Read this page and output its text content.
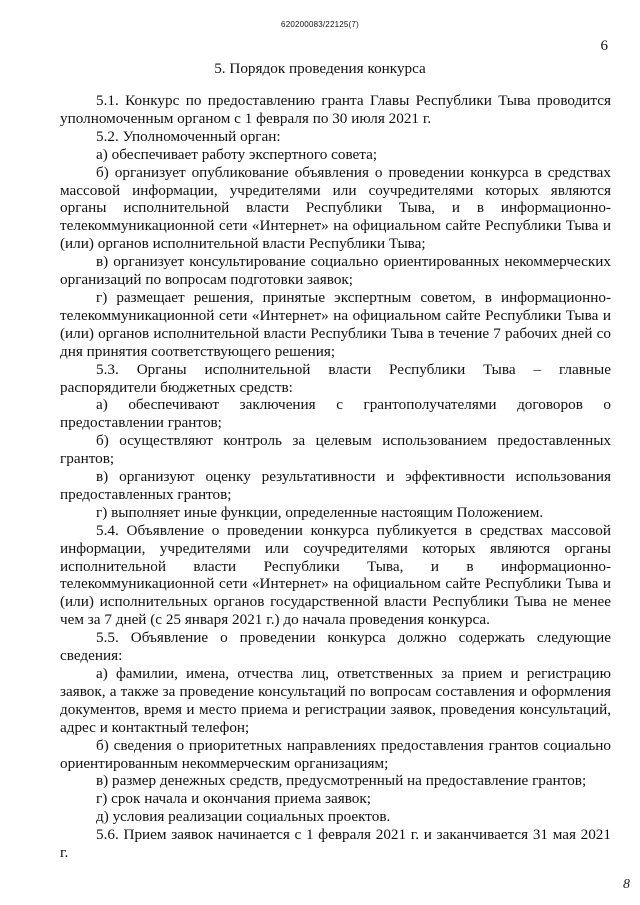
620200083/22125(7)
6
5. Порядок проведения конкурса

5.1. Конкурс по предоставлению гранта Главы Республики Тыва проводится уполномоченным органом с 1 февраля по 30 июля 2021 г.

5.2. Уполномоченный орган:

а) обеспечивает работу экспертного совета;

б) организует опубликование объявления о проведении конкурса в средствах массовой информации, учредителями или соучредителями которых являются органы исполнительной власти Республики Тыва, и в информационно-телекоммуникационной сети «Интернет» на официальном сайте Республики Тыва и (или) органов исполнительной власти Республики Тыва;

в) организует консультирование социально ориентированных некоммерческих организаций по вопросам подготовки заявок;

г) размещает решения, принятые экспертным советом, в информационно-телекоммуникационной сети «Интернет» на официальном сайте Республики Тыва и (или) органов исполнительной власти Республики Тыва в течение 7 рабочих дней со дня принятия соответствующего решения;

5.3. Органы исполнительной власти Республики Тыва – главные распорядители бюджетных средств:

а) обеспечивают заключения с грантополучателями договоров о предоставлении грантов;

б) осуществляют контроль за целевым использованием предоставленных грантов;

в) организуют оценку результативности и эффективности использования предоставленных грантов;

г) выполняет иные функции, определенные настоящим Положением.

5.4. Объявление о проведении конкурса публикуется в средствах массовой информации, учредителями или соучредителями которых являются органы исполнительной власти Республики Тыва, и в информационно-телекоммуникационной сети «Интернет» на официальном сайте Республики Тыва и (или) исполнительных органов государственной власти Республики Тыва не менее чем за 7 дней (с 25 января 2021 г.) до начала проведения конкурса.

5.5. Объявление о проведении конкурса должно содержать следующие сведения:

а) фамилии, имена, отчества лиц, ответственных за прием и регистрацию заявок, а также за проведение консультаций по вопросам составления и оформления документов, время и место приема и регистрации заявок, проведения консультаций, адрес и контактный телефон;

б) сведения о приоритетных направлениях предоставления грантов социально ориентированным некоммерческим организациям;

в) размер денежных средств, предусмотренный на предоставление грантов;

г) срок начала и окончания приема заявок;

д) условия реализации социальных проектов.

5.6. Прием заявок начинается с 1 февраля 2021 г. и заканчивается 31 мая 2021 г.

8
